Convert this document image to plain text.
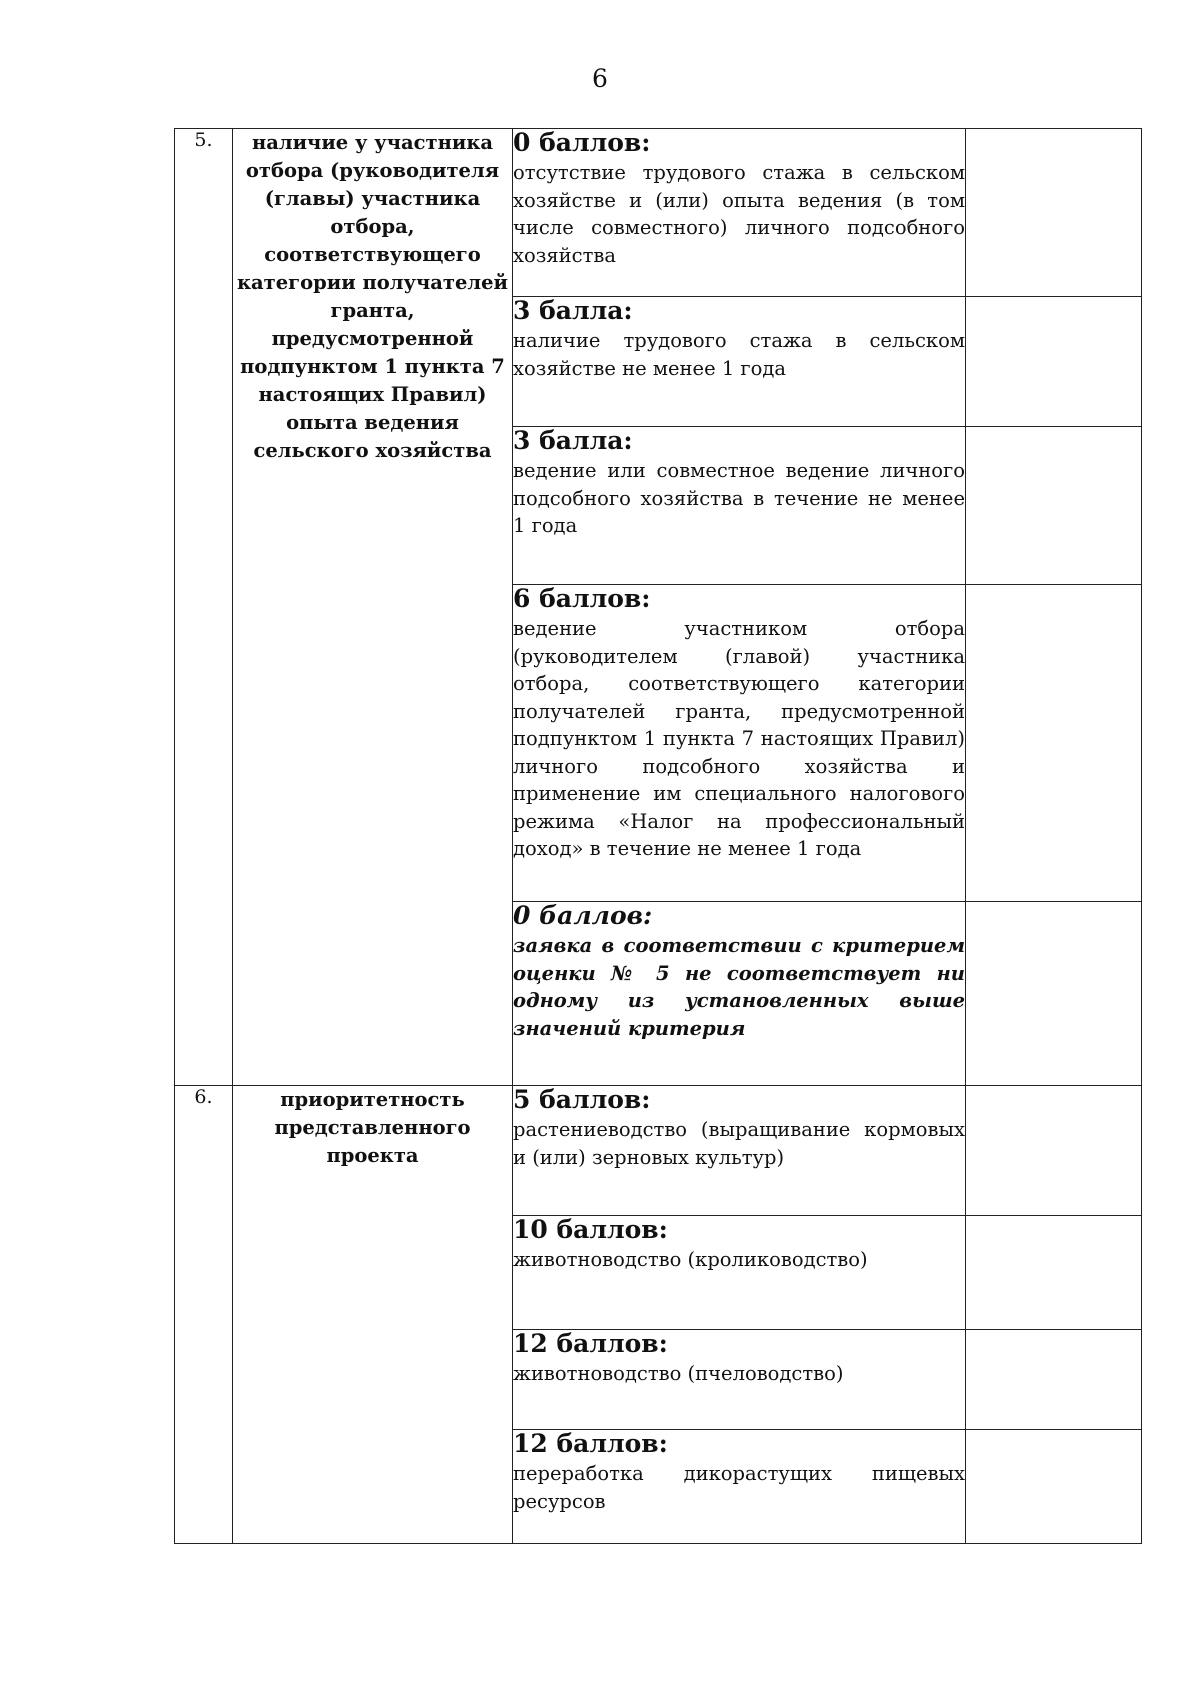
6
5.	наличие у участника отбора (руководителя (главы) участника отбора, соответствующего категории получателей гранта, предусмотренной подпунктом 1 пункта 7 настоящих Правил) опыта ведения сельского хозяйства	0 баллов:
отсутствие трудового стажа в сельском хозяйстве и (или) опыта ведения (в том числе совместного) личного подсобного хозяйства	

		3 балла:
наличие трудового стажа в сельском хозяйстве не менее 1 года	

		3 балла:
ведение или совместное ведение личного подсобного хозяйства в течение не менее 1 года	

		6 баллов:
ведение участником отбора (руководителем (главой) участника отбора, соответствующего категории получателей гранта, предусмотренной подпунктом 1 пункта 7 настоящих Правил) личного подсобного хозяйства и применение им специального налогового режима «Налог на профессиональный доход» в течение не менее 1 года	

		0 баллов:
заявка в соответствии с критерием оценки № 5 не соответствует ни одному из установленных выше значений критерия	

6.	приоритетность представленного проекта	5 баллов:
растениеводство (выращивание кормовых и (или) зерновых культур)	

		10 баллов:
животноводство (кролиководство)	

		12 баллов:
животноводство (пчеловодство)	

		12 баллов:
переработка дикорастущих пищевых ресурсов	
